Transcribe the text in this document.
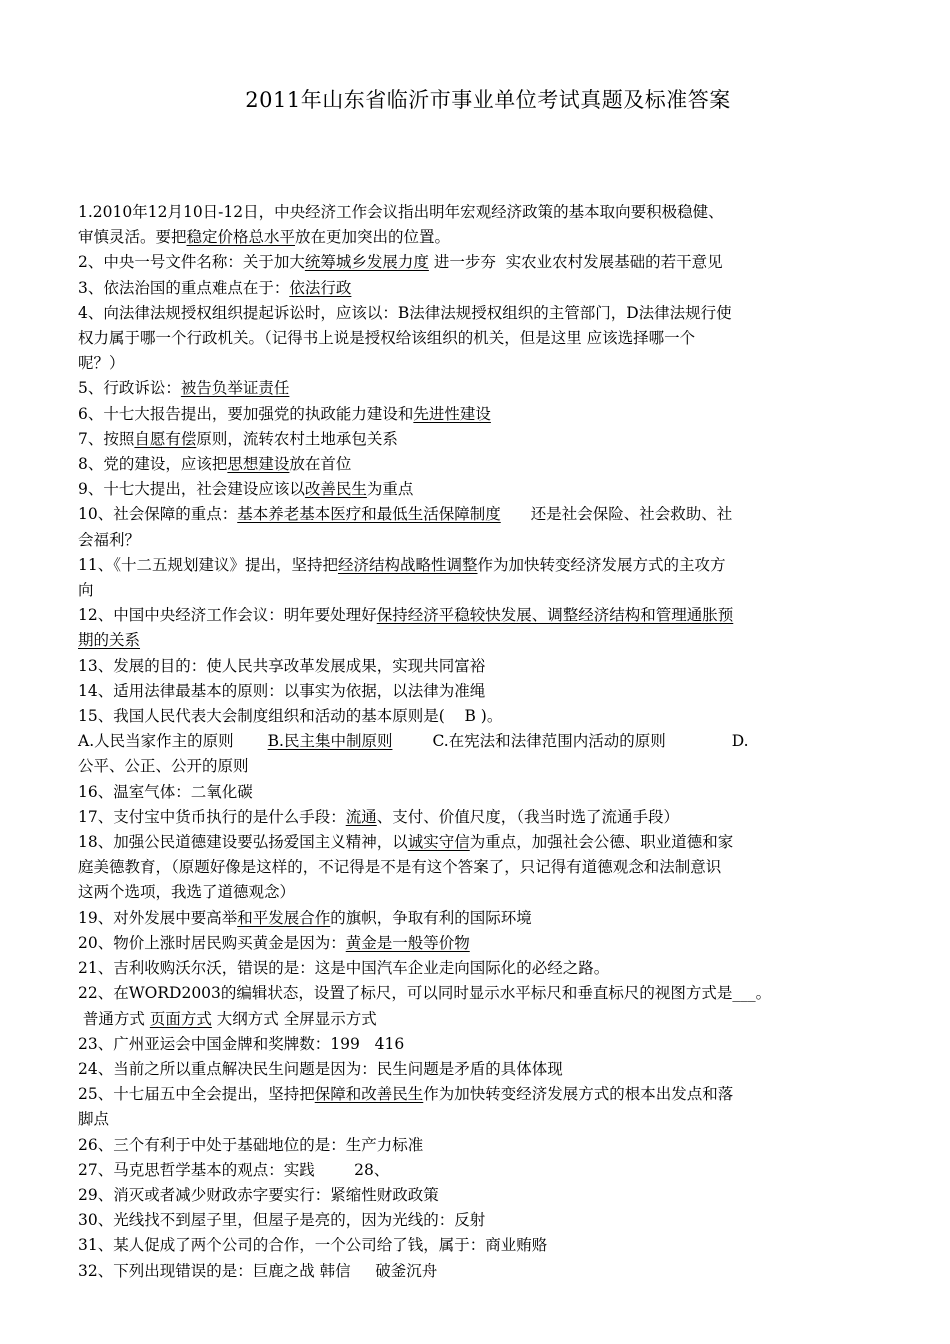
2011年山东省临沂市事业单位考试真题及标准答案
1.2010年12月10日-12日，中央经济工作会议指出明年宏观经济政策的基本取向要积极稳健、
审慎灵活。要把稳定价格总水平放在更加突出的位置。
2、中央一号文件名称：关于加大统筹城乡发展力度 进一步夯  实农业农村发展基础的若干意见
3、依法治国的重点难点在于：依法行政
4、向法律法规授权组织提起诉讼时，应该以：B法律法规授权组织的主管部门，D法律法规行使
权力属于哪一个行政机关。（记得书上说是授权给该组织的机关，但是这里 应该选择哪一个
呢？）
5、行政诉讼：被告负举证责任
6、十七大报告提出，要加强党的执政能力建设和先进性建设
7、按照自愿有偿原则，流转农村土地承包关系
8、党的建设，应该把思想建设放在首位
9、十七大提出，社会建设应该以改善民生为重点
10、社会保障的重点：基本养老基本医疗和最低生活保障制度 还是社会保险、社会救助、社
会福利？
11、《十二五规划建议》提出，坚持把经济结构战略性调整作为加快转变经济发展方式的主攻方
向
12、中国中央经济工作会议：明年要处理好保持经济平稳较快发展、调整经济结构和管理通胀预
期的关系
13、发展的目的：使人民共享改革发展成果，实现共同富裕
14、适用法律最基本的原则：以事实为依据，以法律为准绳
15、我国人民代表大会制度组织和活动的基本原则是(    B )。
A.人民当家作主的原则 B.民主集中制原则	C.在宪法和法律范围内活动的原则	D.
公平、公正、公开的原则
16、温室气体：二氧化碳
17、支付宝中货币执行的是什么手段：流通、支付、价值尺度，（我当时选了流通手段）
18、加强公民道德建设要弘扬爱国主义精神，以诚实守信为重点，加强社会公德、职业道德和家
庭美德教育，（原题好像是这样的，不记得是不是有这个答案了，只记得有道德观念和法制意识
这两个选项，我选了道德观念）
19、对外发展中要高举和平发展合作的旗帜，争取有利的国际环境
20、物价上涨时居民购买黄金是因为：黄金是一般等价物
21、吉利收购沃尔沃，错误的是：这是中国汽车企业走向国际化的必经之路。
22、在WORD2003的编辑状态，设置了标尺，可以同时显示水平标尺和垂直标尺的视图方式是___。
普通方式 页面方式 大纲方式 全屏显示方式
23、广州亚运会中国金牌和奖牌数：199   416
24、当前之所以重点解决民生问题是因为：民生问题是矛盾的具体体现
25、十七届五中全会提出，坚持把保障和改善民生作为加快转变经济发展方式的根本出发点和落
脚点
26、三个有利于中处于基础地位的是：生产力标准
27、马克思哲学基本的观点：实践        28、
29、消灭或者减少财政赤字要实行：紧缩性财政政策
30、光线找不到屋子里，但屋子是亮的，因为光线的：反射
31、某人促成了两个公司的合作，一个公司给了钱，属于：商业贿赂
32、下列出现错误的是：巨鹿之战 韩信     破釜沉舟
